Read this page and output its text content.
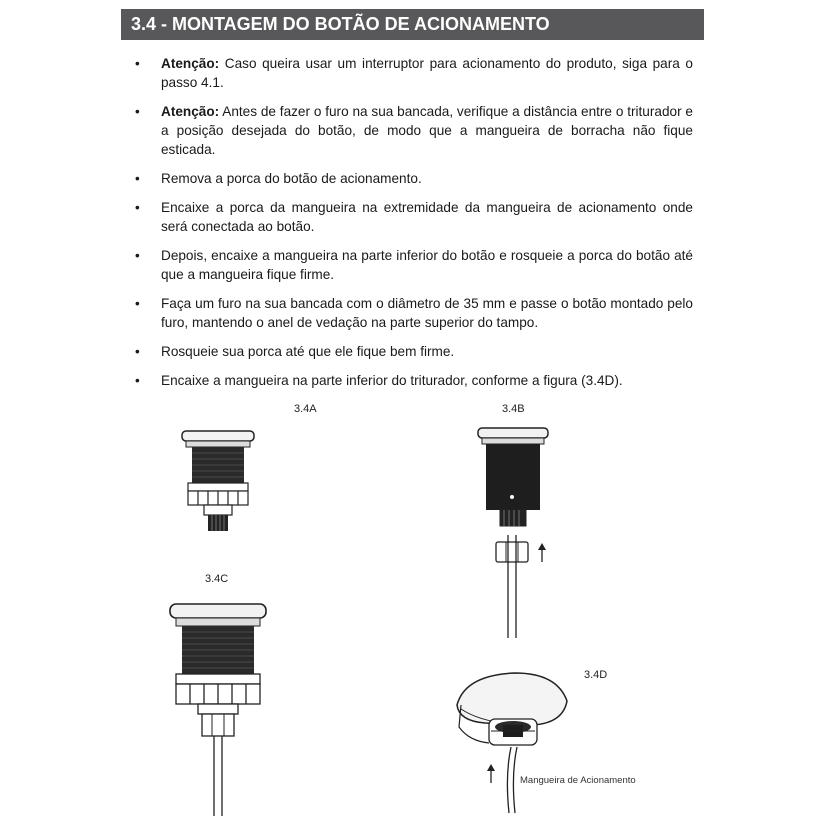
3.4 - MONTAGEM DO BOTÃO DE ACIONAMENTO
• Atenção: Caso queira usar um interruptor para acionamento do produto, siga para o passo 4.1.
• Atenção: Antes de fazer o furo na sua bancada, verifique a distância entre o triturador e a posição desejada do botão, de modo que a mangueira de borracha não fique esticada.
• Remova a porca do botão de acionamento.
• Encaixe a porca da mangueira na extremidade da mangueira de acionamento onde será conectada ao botão.
• Depois, encaixe a mangueira na parte inferior do botão e rosqueie a porca do botão até que a mangueira fique firme.
• Faça um furo na sua bancada com o diâmetro de 35 mm e passe o botão montado pelo furo, mantendo o anel de vedação na parte superior do tampo.
• Rosqueie sua porca até que ele fique bem firme.
• Encaixe a mangueira na parte inferior do triturador, conforme a figura (3.4D).
3.4A	3.4B
3.4C
3.4D
Mangueira de Acionamento
